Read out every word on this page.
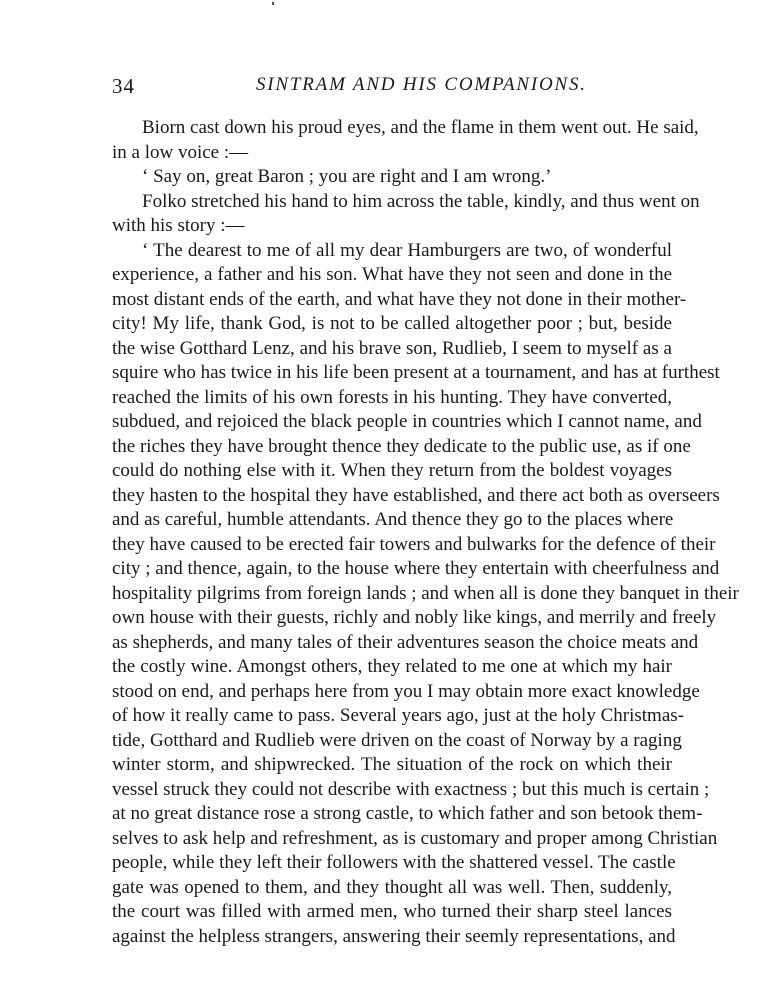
34	SINTRAM AND HIS COMPANIONS.
Biorn cast down his proud eyes, and the flame in them went out. He said,
in a low voice :—
‘ Say on, great Baron ; you are right and I am wrong.’
Folko stretched his hand to him across the table, kindly, and thus went on
with his story :—
‘ The dearest to me of all my dear Hamburgers are two, of wonderful
experience, a father and his son. What have they not seen and done in the
most distant ends of the earth, and what have they not done in their mother-
city! My life, thank God, is not to be called altogether poor ; but, beside
the wise Gotthard Lenz, and his brave son, Rudlieb, I seem to myself as a
squire who has twice in his life been present at a tournament, and has at furthest
reached the limits of his own forests in his hunting. They have converted,
subdued, and rejoiced the black people in countries which I cannot name, and
the riches they have brought thence they dedicate to the public use, as if one
could do nothing else with it. When they return from the boldest voyages
they hasten to the hospital they have established, and there act both as overseers
and as careful, humble attendants. And thence they go to the places where
they have caused to be erected fair towers and bulwarks for the defence of their
city ; and thence, again, to the house where they entertain with cheerfulness and
hospitality pilgrims from foreign lands ; and when all is done they banquet in their
own house with their guests, richly and nobly like kings, and merrily and freely
as shepherds, and many tales of their adventures season the choice meats and
the costly wine. Amongst others, they related to me one at which my hair
stood on end, and perhaps here from you I may obtain more exact knowledge
of how it really came to pass. Several years ago, just at the holy Christmas-
tide, Gotthard and Rudlieb were driven on the coast of Norway by a raging
winter storm, and shipwrecked. The situation of the rock on which their
vessel struck they could not describe with exactness ; but this much is certain ;
at no great distance rose a strong castle, to which father and son betook them-
selves to ask help and refreshment, as is customary and proper among Christian
people, while they left their followers with the shattered vessel. The castle
gate was opened to them, and they thought all was well. Then, suddenly,
the court was filled with armed men, who turned their sharp steel lances
against the helpless strangers, answering their seemly representations, and
